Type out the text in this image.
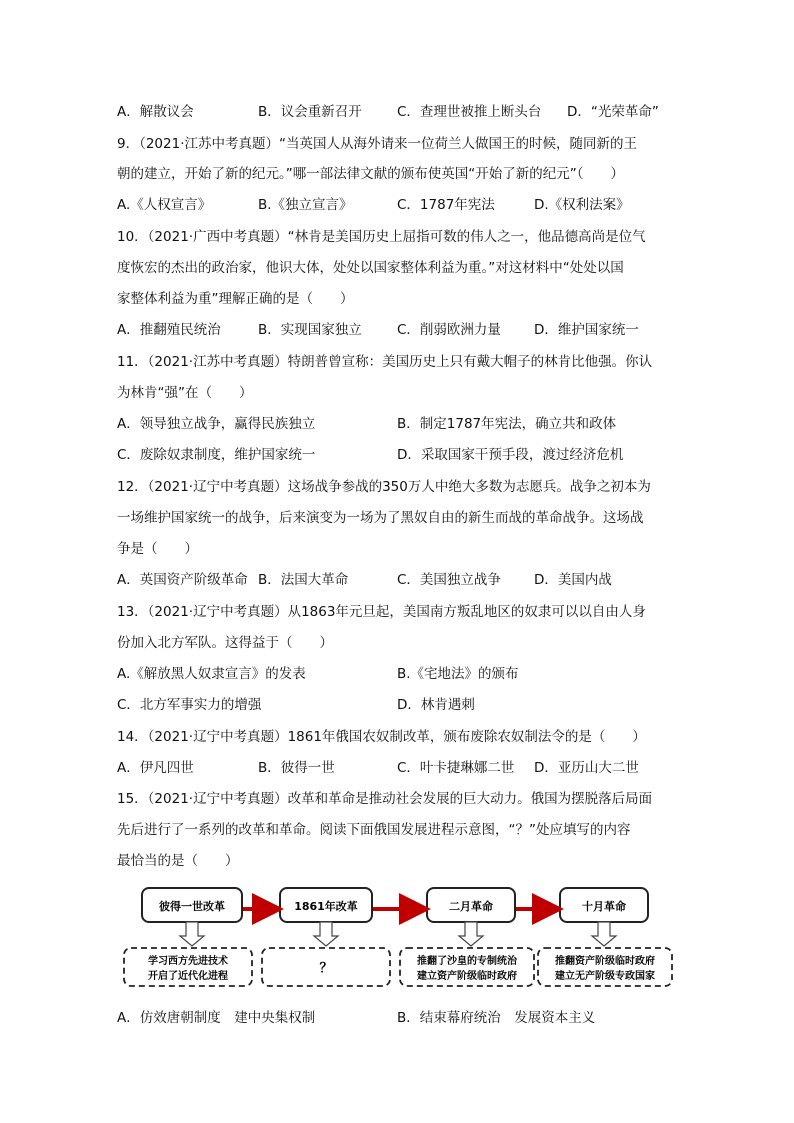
A．解散议会	B．议会重新召开	C．查理世被推上断头台 D．“光荣革命”
9．（2021·江苏中考真题）“当英国人从海外请来一位荷兰人做国王的时候，随同新的王
朝的建立，开始了新的纪元。”哪一部法律文献的颁布使英国“开始了新的纪元”（　　）
A.《人权宣言》	B.《独立宣言》	C．1787年宪法	D.《权利法案》
10．（2021·广西中考真题）“林肯是美国历史上屈指可数的伟人之一，他品德高尚是位气
度恢宏的杰出的政治家，他识大体，处处以国家整体利益为重。”对这材料中“处处以国
家整体利益为重”理解正确的是（　　）
A．推翻殖民统治	B．实现国家独立	C．削弱欧洲力量 D．维护国家统一
11．（2021·江苏中考真题）特朗普曾宣称：美国历史上只有戴大帽子的林肯比他强。你认
为林肯“强”在（　　）
A．领导独立战争，赢得民族独立	B．制定1787年宪法，确立共和政体
C．废除奴隶制度，维护国家统一	D．采取国家干预手段，渡过经济危机
12．（2021·辽宁中考真题）这场战争参战的350万人中绝大多数为志愿兵。战争之初本为
一场维护国家统一的战争，后来演变为一场为了黑奴自由的新生而战的革命战争。这场战
争是（　　）
A．英国资产阶级革命 B．法国大革命	C．美国独立战争 D．美国内战
13．（2021·辽宁中考真题）从1863年元旦起，美国南方叛乱地区的奴隶可以以自由人身
份加入北方军队。这得益于（　　）
A.《解放黑人奴隶宣言》的发表	B.《宅地法》的颁布
C．北方军事实力的增强	D．林肯遇刺
14．（2021·辽宁中考真题）1861年俄国农奴制改革，颁布废除农奴制法令的是（　　）
A．伊凡四世	B．彼得一世	C．叶卡捷琳娜二世 D．亚历山大二世
15．（2021·辽宁中考真题）改革和革命是推动社会发展的巨大动力。俄国为摆脱落后局面
先后进行了一系列的改革和革命。阅读下面俄国发展进程示意图，“？”处应填写的内容
最恰当的是（　　）
彼得一世改革	1861年改革	二月革命	十月革命
学习西方先进技术
开启了近代化进程
？	推翻了沙皇的专制统治
建立资产阶级临时政府
推翻资产阶级临时政府
建立无产阶级专政国家
A．仿效唐朝制度　建中央集权制	B．结束幕府统治　发展资本主义
